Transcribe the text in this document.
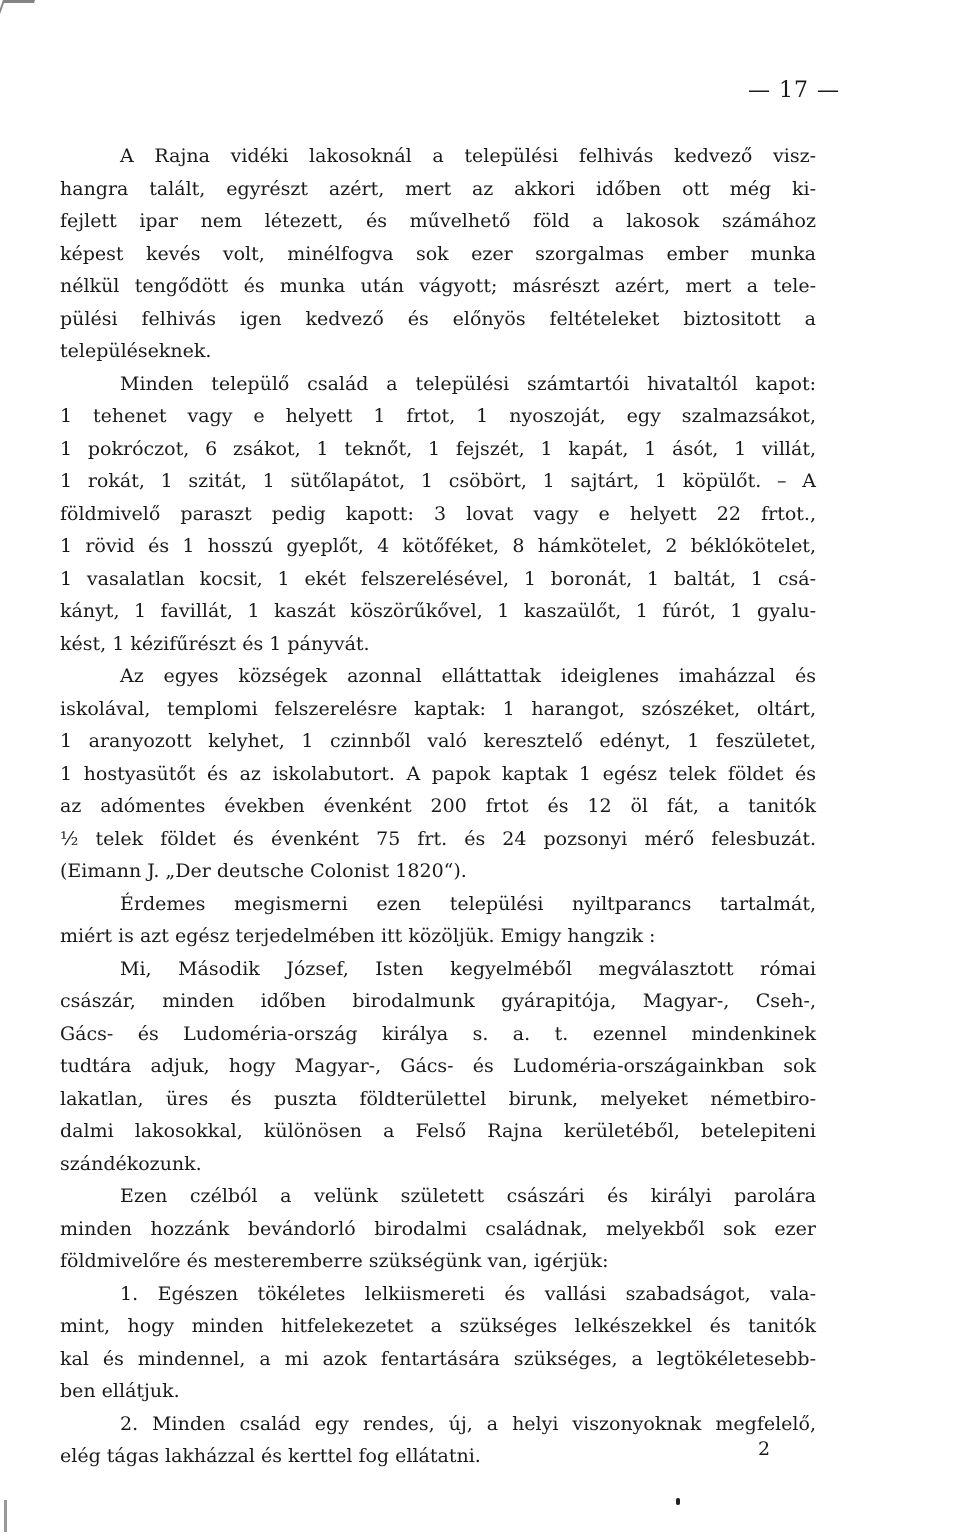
— 17 —

A Rajna vidéki lakosoknál a települési felhivás kedvező visz-
hangra talált, egyrészt azért, mert az akkori időben ott még ki-
fejlett ipar nem létezett, és művelhető föld a lakosok számához
képest kevés volt, minélfogva sok ezer szorgalmas ember munka
nélkül tengődött és munka után vágyott; másrészt azért, mert a tele-
pülési felhivás igen kedvező és előnyös feltételeket biztositott a
településeknek.

Minden települő család a települési számtartói hivataltól kapot:
1 tehenet vagy e helyett 1 frtot, 1 nyoszoját, egy szalmazsákot,
1 pokróczot, 6 zsákot, 1 teknőt, 1 fejszét, 1 kapát, 1 ásót, 1 villát,
1 rokát, 1 szitát, 1 sütőlapátot, 1 csöbört, 1 sajtárt, 1 köpülőt. – A
földmivelő paraszt pedig kapott: 3 lovat vagy e helyett 22 frtot.,
1 rövid és 1 hosszú gyeplőt, 4 kötőféket, 8 hámkötelet, 2 béklókötelet,
1 vasalatlan kocsit, 1 ekét felszerelésével, 1 boronát, 1 baltát, 1 csá-
kányt, 1 favillát, 1 kaszát köszörűkővel, 1 kaszaülőt, 1 fúrót, 1 gyalu-
kést, 1 kézifűrészt és 1 pányvát.

Az egyes községek azonnal elláttattak ideiglenes imaházzal és
iskolával, templomi felszerelésre kaptak: 1 harangot, szószéket, oltárt,
1 aranyozott kelyhet, 1 czinnből való keresztelő edényt, 1 feszületet,
1 hostyasütőt és az iskolabutort. A papok kaptak 1 egész telek földet és
az adómentes években évenként 200 frtot és 12 öl fát, a tanitók
½ telek földet és évenként 75 frt. és 24 pozsonyi mérő felesbuzát.
(Eimann J. „Der deutsche Colonist 1820“).

Érdemes megismerni ezen települési nyiltparancs tartalmát,
miért is azt egész terjedelmében itt közöljük. Emigy hangzik :

Mi, Második József, Isten kegyelméből megválasztott római
császár, minden időben birodalmunk gyárapitója, Magyar-, Cseh-,
Gács- és Ludoméria-ország királya s. a. t. ezennel mindenkinek
tudtára adjuk, hogy Magyar-, Gács- és Ludoméria-országainkban sok
lakatlan, üres és puszta földterülettel birunk, melyeket németbiro-
dalmi lakosokkal, különösen a Felső Rajna kerületéből, betelepiteni
szándékozunk.

Ezen czélból a velünk született császári és királyi parolára
minden hozzánk bevándorló birodalmi családnak, melyekből sok ezer
földmivelőre és mesteremberre szükségünk van, igérjük:

1. Egészen tökéletes lelkiismereti és vallási szabadságot, vala-
mint, hogy minden hitfelekezetet a szükséges lelkészekkel és tanitók
kal és mindennel, a mi azok fentartására szükséges, a legtökéletesebb-
ben ellátjuk.

2. Minden család egy rendes, új, a helyi viszonyoknak megfelelő,
elég tágas lakházzal és kerttel fog ellátatni.	2
